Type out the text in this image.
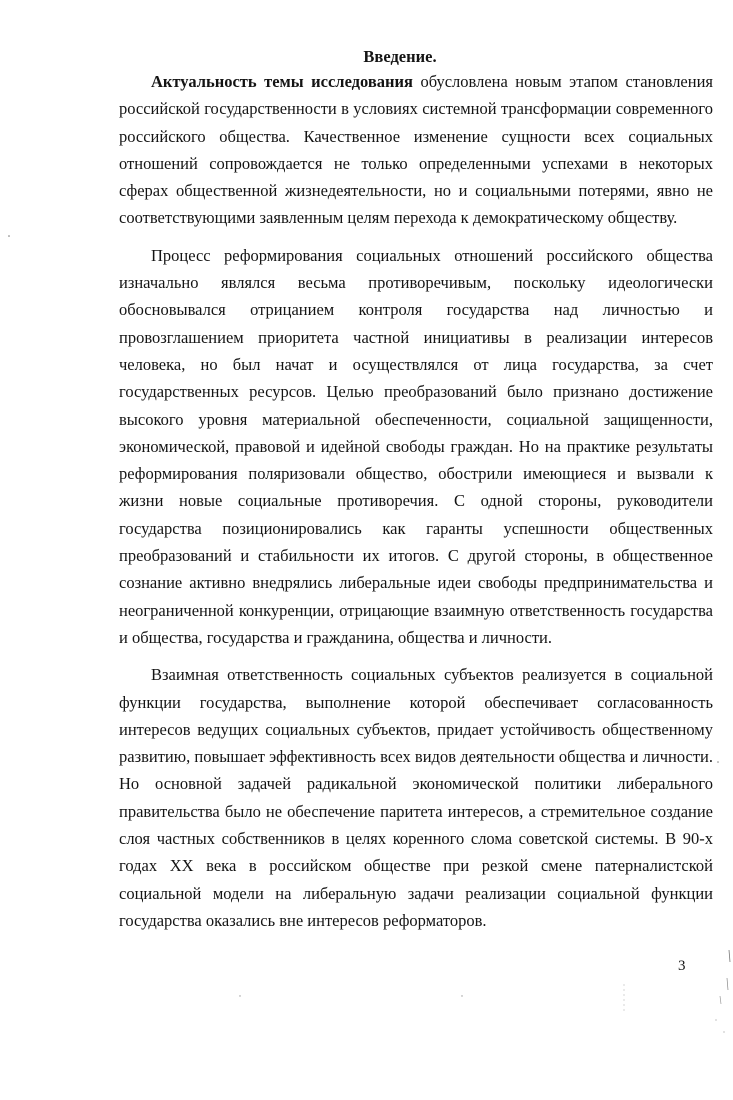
Введение.

Актуальность темы исследования обусловлена новым этапом становления российской государственности в условиях системной трансформации современного российского общества. Качественное изменение сущности всех социальных отношений сопровождается не только определенными успехами в некоторых сферах общественной жизнедеятельности, но и социальными потерями, явно не соответствующими заявленным целям перехода к демократическому обществу.

Процесс реформирования социальных отношений российского общества изначально являлся весьма противоречивым, поскольку идеологически обосновывался отрицанием контроля государства над личностью и провозглашением приоритета частной инициативы в реализации интересов человека, но был начат и осуществлялся от лица государства, за счет государственных ресурсов. Целью преобразований было признано достижение высокого уровня материальной обеспеченности, социальной защищенности, экономической, правовой и идейной свободы граждан. Но на практике результаты реформирования поляризовали общество, обострили имеющиеся и вызвали к жизни новые социальные противоречия. С одной стороны, руководители государства позиционировались как гаранты успешности общественных преобразований и стабильности их итогов. С другой стороны, в общественное сознание активно внедрялись либеральные идеи свободы предпринимательства и неограниченной конкуренции, отрицающие взаимную ответственность государства и общества, государства и гражданина, общества и личности.

Взаимная ответственность социальных субъектов реализуется в социальной функции государства, выполнение которой обеспечивает согласованность интересов ведущих социальных субъектов, придает устойчивость общественному развитию, повышает эффективность всех видов деятельности общества и личности. Но основной задачей радикальной экономической политики либерального правительства было не обеспечение паритета интересов, а стремительное создание слоя частных собственников в целях коренного слома советской системы. В 90-х годах XX века в российском обществе при резкой смене патерналистской социальной модели на либеральную задачи реализации социальной функции государства оказались вне интересов реформаторов.

3
